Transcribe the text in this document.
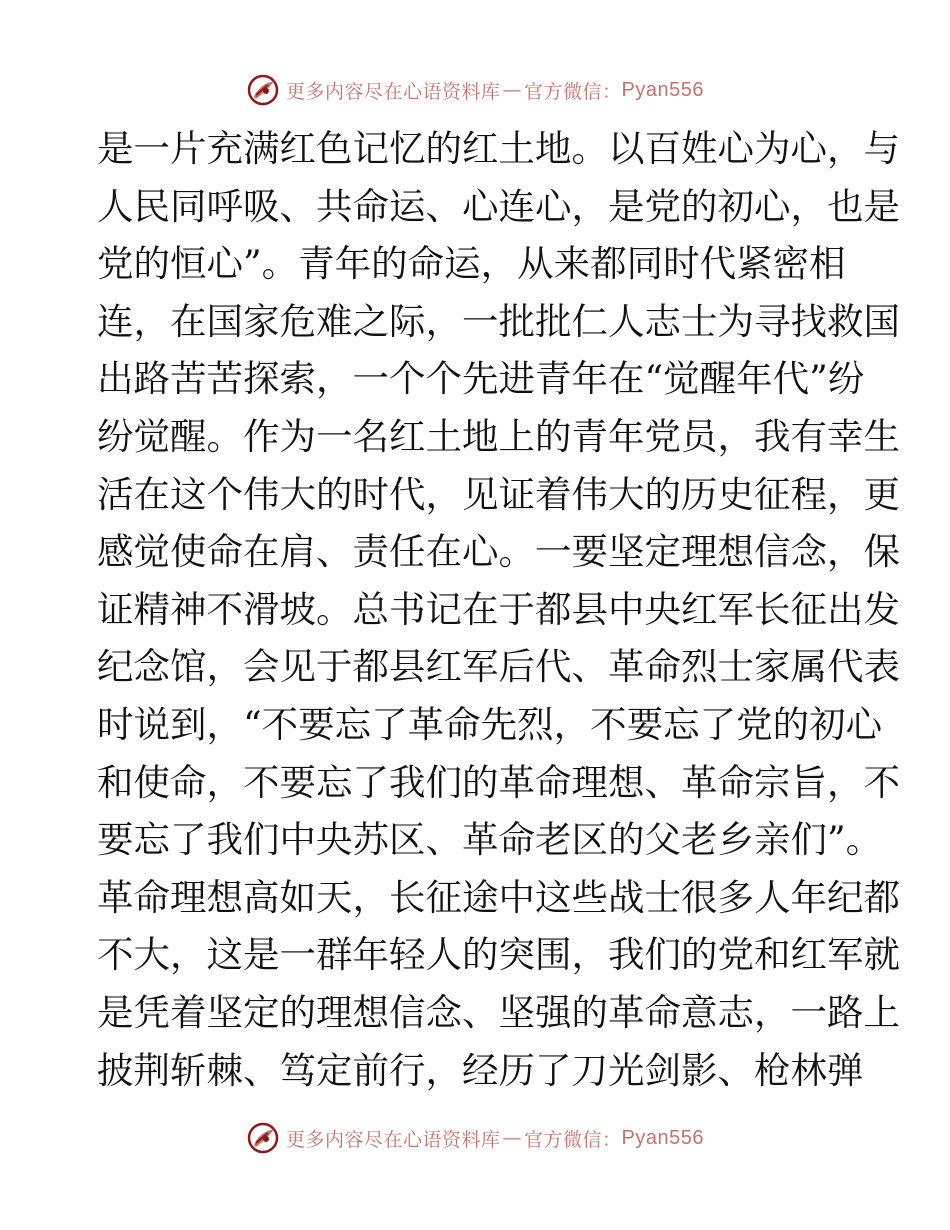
更多内容尽在心语资料库 — 官方微信： Pyan556
是一片充满红色记忆的红土地。以百姓心为心，与
人民同呼吸、共命运、心连心，是党的初心，也是
党的恒心”。青年的命运，从来都同时代紧密相
连，在国家危难之际，一批批仁人志士为寻找救国
出路苦苦探索，一个个先进青年在“觉醒年代”纷
纷觉醒。作为一名红土地上的青年党员，我有幸生
活在这个伟大的时代，见证着伟大的历史征程，更
感觉使命在肩、责任在心。一要坚定理想信念，保
证精神不滑坡。总书记在于都县中央红军长征出发
纪念馆，会见于都县红军后代、革命烈士家属代表
时说到，“不要忘了革命先烈，不要忘了党的初心
和使命，不要忘了我们的革命理想、革命宗旨，不
要忘了我们中央苏区、革命老区的父老乡亲们”。
革命理想高如天，长征途中这些战士很多人年纪都
不大，这是一群年轻人的突围，我们的党和红军就
是凭着坚定的理想信念、坚强的革命意志，一路上
披荆斩棘、笃定前行，经历了刀光剑影、枪林弹
更多内容尽在心语资料库 — 官方微信： Pyan556
